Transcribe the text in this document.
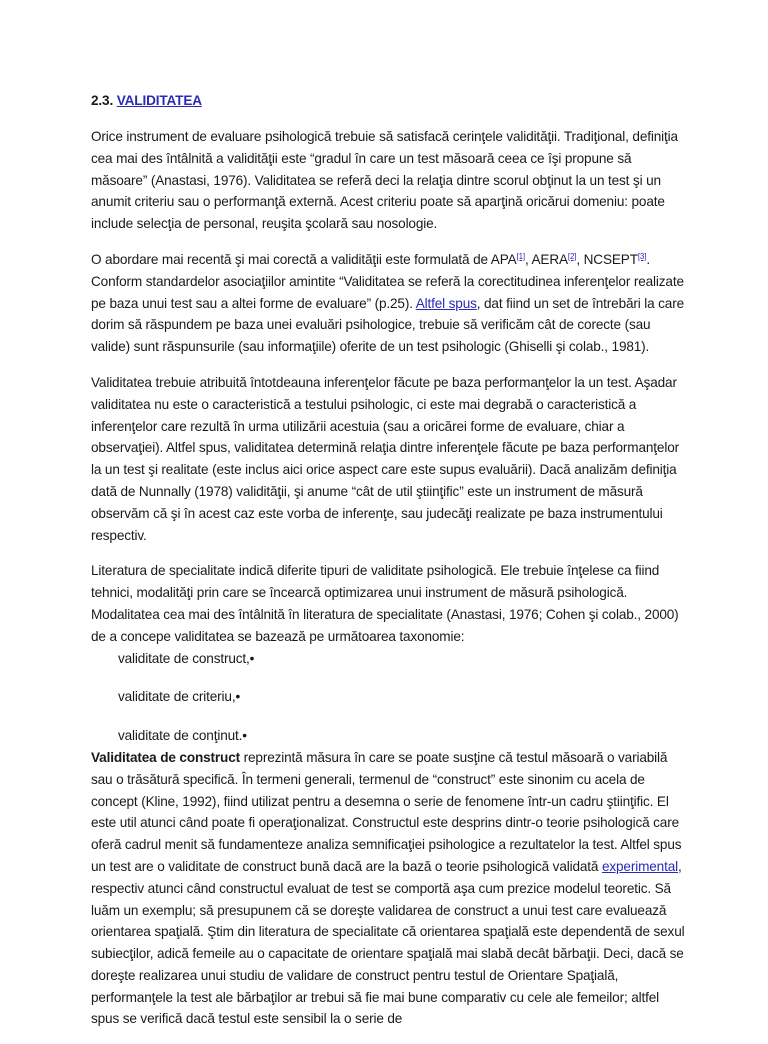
2.3. VALIDITATEA

Orice instrument de evaluare psihologică trebuie să satisfacă cerinţele validităţii. Tradiţional, definiţia cea mai des întâlnită a validităţii este “gradul în care un test măsoară ceea ce îşi propune să măsoare” (Anastasi, 1976). Validitatea se referă deci la relaţia dintre scorul obţinut la un test şi un anumit criteriu sau o performanţă externă. Acest criteriu poate să aparţină oricărui domeniu: poate include selecţia de personal, reuşita şcolară sau nosologie.

O abordare mai recentă şi mai corectă a validităţii este formulată de APA[1], AERA[2], NCSEPT[3]. Conform standardelor asociaţiilor amintite “Validitatea se referă la corectitudinea inferenţelor realizate pe baza unui test sau a altei forme de evaluare” (p.25). Altfel spus, dat fiind un set de întrebări la care dorim să răspundem pe baza unei evaluări psihologice, trebuie să verificăm cât de corecte (sau valide) sunt răspunsurile (sau informaţiile) oferite de un test psihologic (Ghiselli şi colab., 1981).

Validitatea trebuie atribuită întotdeauna inferenţelor făcute pe baza performanţelor la un test. Aşadar validitatea nu este o caracteristică a testului psihologic, ci este mai degrabă o caracteristică a inferenţelor care rezultă în urma utilizării acestuia (sau a oricărei forme de evaluare, chiar a observaţiei). Altfel spus, validitatea determină relaţia dintre inferenţele făcute pe baza performanţelor la un test şi realitate (este inclus aici orice aspect care este supus evaluării). Dacă analizăm definiţia dată de Nunnally (1978) validităţii, şi anume “cât de util ştiinţific” este un instrument de măsură observăm că şi în acest caz este vorba de inferenţe, sau judecăţi realizate pe baza instrumentului respectiv.

Literatura de specialitate indică diferite tipuri de validitate psihologică. Ele trebuie înţelese ca fiind tehnici, modalităţi prin care se încearcă optimizarea unui instrument de măsură psihologică. Modalitatea cea mai des întâlnită în literatura de specialitate (Anastasi, 1976; Cohen şi colab., 2000) de a concepe validitatea se bazează pe următoarea taxonomie:

validitate de construct,•
validitate de criteriu,•
validitate de conţinut.•

Validitatea de construct reprezintă măsura în care se poate susţine că testul măsoară o variabilă sau o trăsătură specifică. În termeni generali, termenul de “construct” este sinonim cu acela de concept (Kline, 1992), fiind utilizat pentru a desemna o serie de fenomene într-un cadru ştiinţific. El este util atunci când poate fi operaţionalizat. Constructul este desprins dintr-o teorie psihologică care oferă cadrul menit să fundamenteze analiza semnificaţiei psihologice a rezultatelor la test. Altfel spus un test are o validitate de construct bună dacă are la bază o teorie psihologică validată experimental, respectiv atunci când constructul evaluat de test se comportă aşa cum prezice modelul teoretic. Să luăm un exemplu; să presupunem că se doreşte validarea de construct a unui test care evaluează orientarea spaţială. Ştim din literatura de specialitate că orientarea spaţială este dependentă de sexul subiecţilor, adică femeile au o capacitate de orientare spaţială mai slabă decât bărbaţii. Deci, dacă se doreşte realizarea unui studiu de validare de construct pentru testul de Orientare Spaţială, performanţele la test ale bărbaţilor ar trebui să fie mai bune comparativ cu cele ale femeilor; altfel spus se verifică dacă testul este sensibil la o serie de
